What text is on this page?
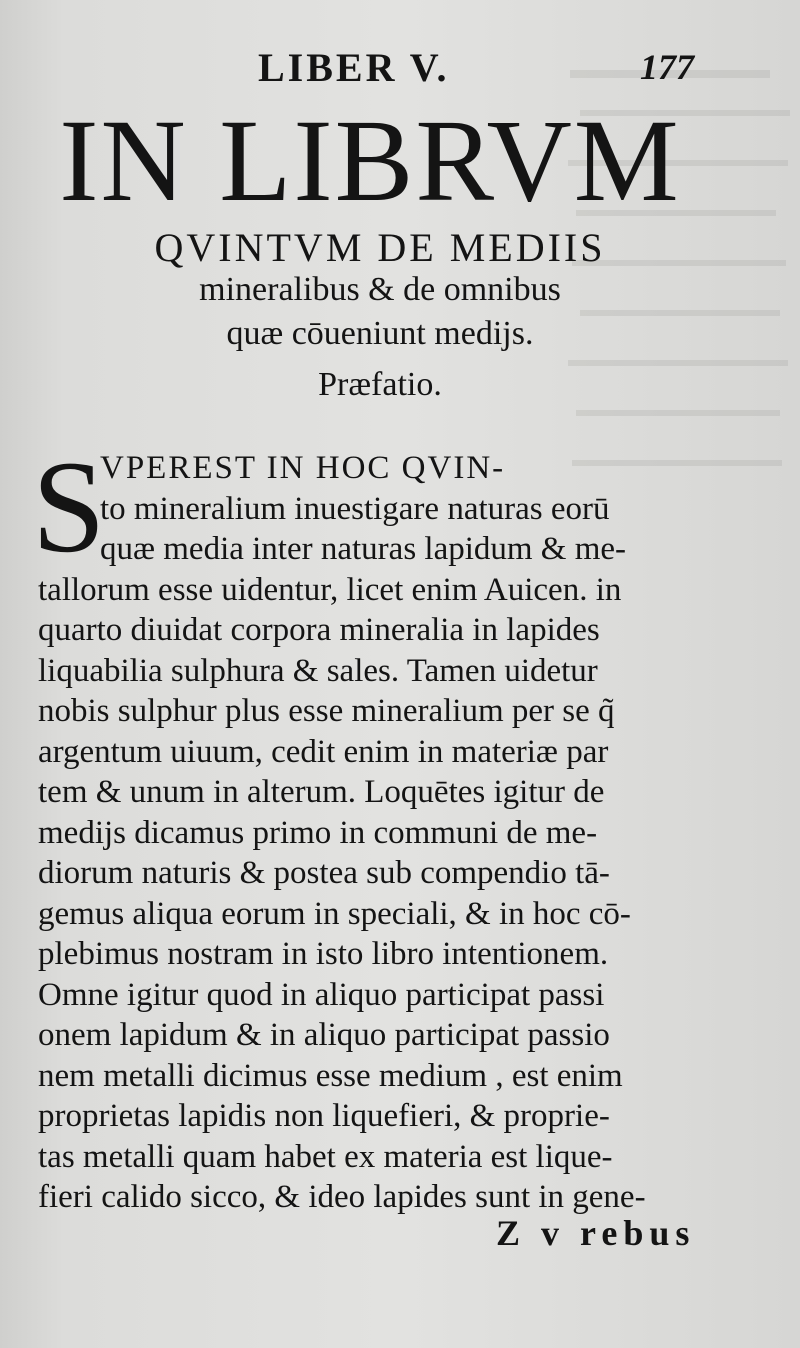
LIBER V.	177
IN LIBRVM
QVINTVM DE MEDIIS
mineralibus & de omnibus
quæ cōueniunt medijs.
Præfatio.
S
VPEREST IN HOC QVIN-
to mineralium inuestigare naturas eorū
quæ media inter naturas lapidum & me-
tallorum esse uidentur, licet enim Auicen. in
quarto diuidat corpora mineralia in lapides
liquabilia sulphura & sales. Tamen uidetur
nobis sulphur plus esse mineralium per se q̃
argentum uiuum, cedit enim in materiæ par
tem & unum in alterum. Loquētes igitur de
medijs dicamus primo in communi de me-
diorum naturis & postea sub compendio tā-
gemus aliqua eorum in speciali, & in hoc cō-
plebimus nostram in isto libro intentionem.
Omne igitur quod in aliquo participat passi
onem lapidum & in aliquo participat passio
nem metalli dicimus esse medium , est enim
proprietas lapidis non liquefieri, & proprie-
tas metalli quam habet ex materia est lique-
fieri calido sicco, & ideo lapides sunt in gene-
Z v rebus
